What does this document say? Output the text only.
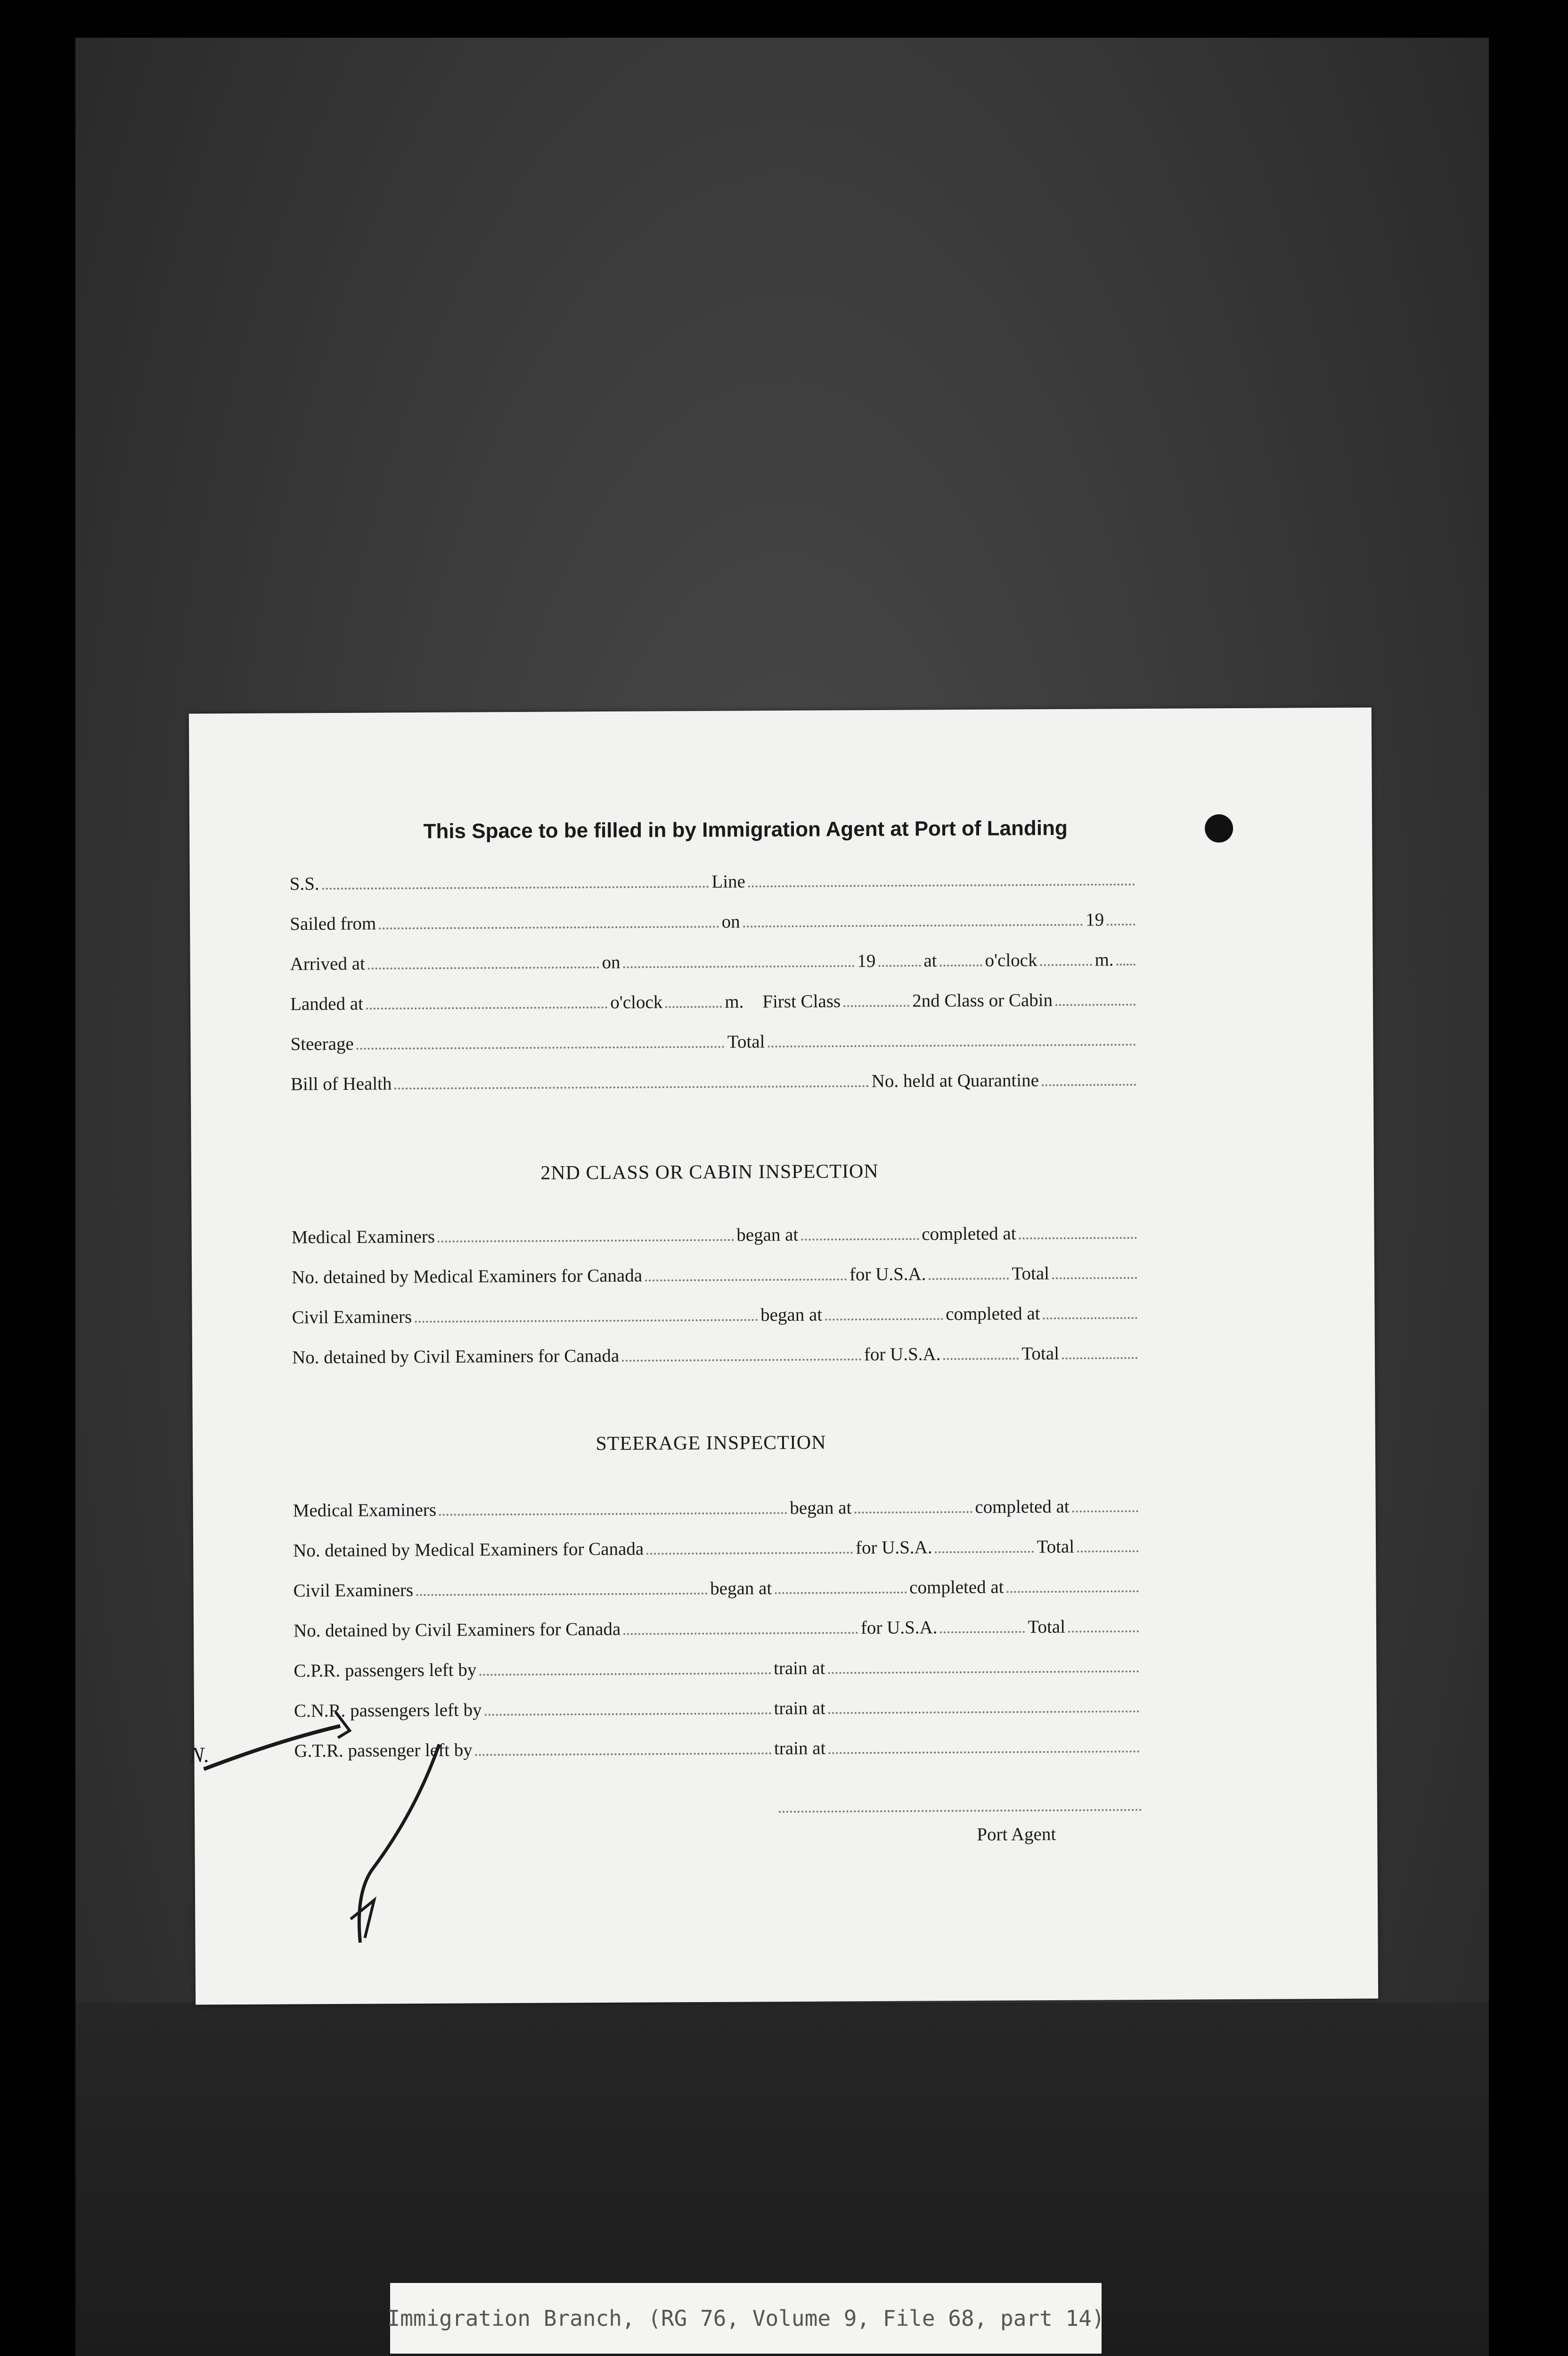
This Space to be filled in by Immigration Agent at Port of Landing
S.S.	Line
Sailed from	on	19
Arrived at	on	19	at	o'clock	m.
Landed at	o'clock	m. First Class	2nd Class or Cabin
Steerage	Total
Bill of Health	No. held at Quarantine
2ND CLASS OR CABIN INSPECTION
Medical Examiners	began at	completed at
No. detained by Medical Examiners for Canada	for U.S.A.	Total
Civil Examiners	began at	completed at
No. detained by Civil Examiners for Canada	for U.S.A.	Total
STEERAGE INSPECTION
Medical Examiners	began at	completed at
No. detained by Medical Examiners for Canada	for U.S.A.	Total
Civil Examiners	began at	completed at
No. detained by Civil Examiners for Canada	for U.S.A.	Total
C.P.R. passengers left by	train at
C.N.R. passengers left by	train at
G.T.R. passenger left by	train at
Port Agent
N.
Immigration Branch, (RG 76, Volume 9, File 68, part 14)
